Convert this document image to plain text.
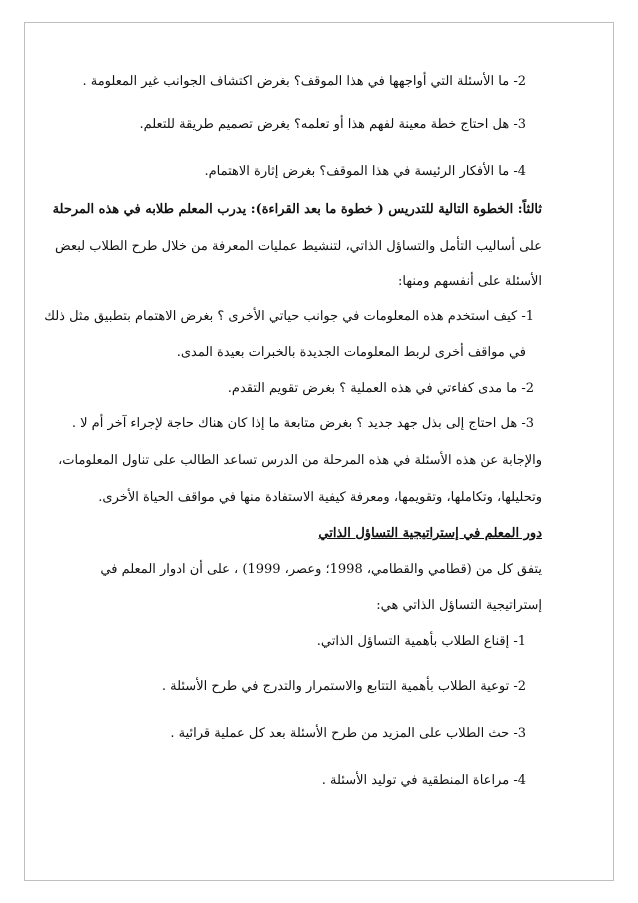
2- ما الأسئلة التي أواجهها في هذا الموقف؟ بغرض اكتشاف الجوانب غير المعلومة .

3- هل احتاج خطة معينة لفهم هذا أو تعلمه؟ بغرض تصميم طريقة للتعلم.

4- ما الأفكار الرئيسة في هذا الموقف؟ بغرض إثارة الاهتمام.

ثالثاً: الخطوة التالية للتدريس ( خطوة ما بعد القراءة): يدرب المعلم طلابه في هذه المرحلة

على أساليب التأمل والتساؤل الذاتي، لتنشيط عمليات المعرفة من خلال طرح الطلاب لبعض

الأسئلة على أنفسهم ومنها:

1- كيف استخدم هذه المعلومات في جوانب حياتي الأخرى ؟ بغرض الاهتمام بتطبيق مثل ذلك

في مواقف أخرى لربط المعلومات الجديدة بالخبرات بعيدة المدى.

2- ما مدى كفاءتي في هذه العملية ؟ بغرض تقويم التقدم.

3- هل احتاج إلى بذل جهد جديد ؟ بغرض متابعة ما إذا كان هناك حاجة لإجراء آخر أم لا .

والإجابة عن هذه الأسئلة في هذه المرحلة من الدرس تساعد الطالب على تناول المعلومات،

وتحليلها، وتكاملها، وتقويمها، ومعرفة كيفية الاستفادة منها في مواقف الحياة الأخرى.

دور المعلم في إستراتيجية التساؤل الذاتي

يتفق كل من (قطامي والقطامي، 1998؛ وعصر، 1999) ، على أن ادوار المعلم في

إستراتيجية التساؤل الذاتي هي:

1- إقناع الطلاب بأهمية التساؤل الذاتي.

2- توعية الطلاب بأهمية التتابع والاستمرار والتدرج في طرح الأسئلة .

3- حث الطلاب على المزيد من طرح الأسئلة بعد كل عملية قرائية .

4- مراعاة المنطقية في توليد الأسئلة .
